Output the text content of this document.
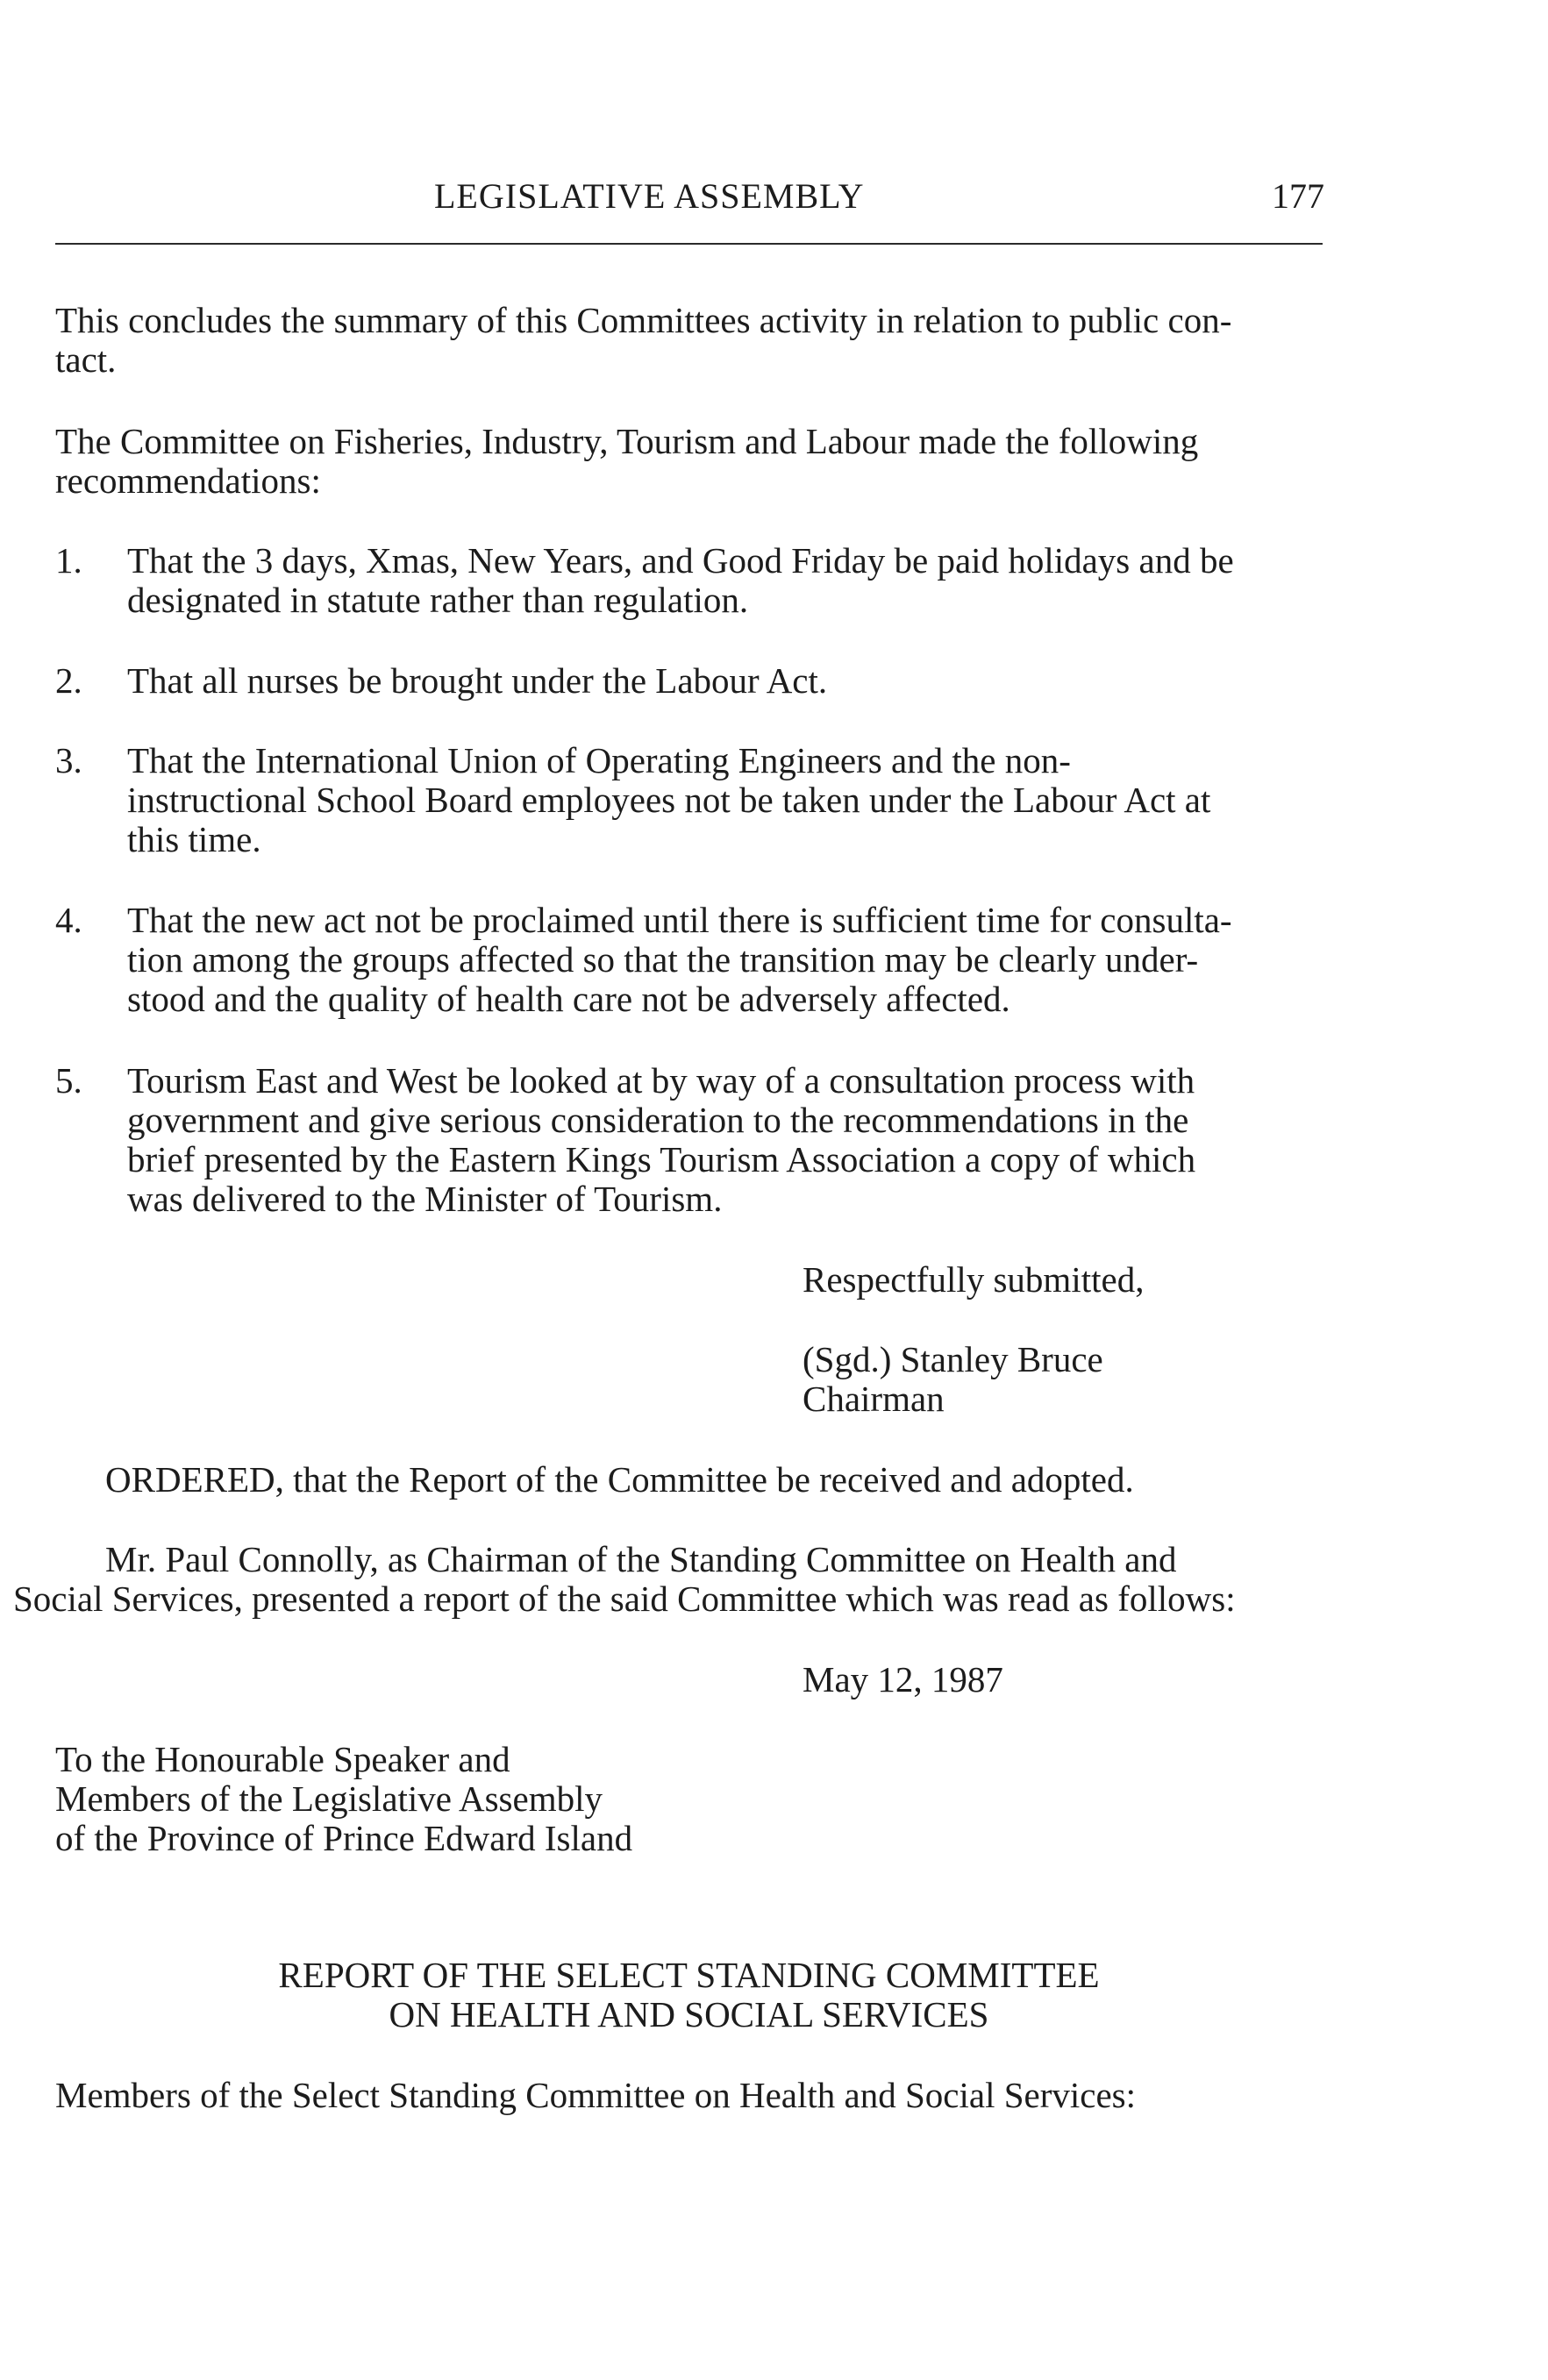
LEGISLATIVE ASSEMBLY	177
This concludes the summary of this Committees activity in relation to public con-
tact.
The Committee on Fisheries, Industry, Tourism and Labour made the following
recommendations:
1. That the 3 days, Xmas, New Years, and Good Friday be paid holidays and be
designated in statute rather than regulation.
2. That all nurses be brought under the Labour Act.
3. That the International Union of Operating Engineers and the non-
instructional School Board employees not be taken under the Labour Act at
this time.
4. That the new act not be proclaimed until there is sufficient time for consulta-
tion among the groups affected so that the transition may be clearly under-
stood and the quality of health care not be adversely affected.
5. Tourism East and West be looked at by way of a consultation process with
government and give serious consideration to the recommendations in the
brief presented by the Eastern Kings Tourism Association a copy of which
was delivered to the Minister of Tourism.
Respectfully submitted,
(Sgd.) Stanley Bruce
Chairman
ORDERED, that the Report of the Committee be received and adopted.
Mr. Paul Connolly, as Chairman of the Standing Committee on Health and
Social Services, presented a report of the said Committee which was read as follows:
May 12, 1987
To the Honourable Speaker and
Members of the Legislative Assembly
of the Province of Prince Edward Island
REPORT OF THE SELECT STANDING COMMITTEE
ON HEALTH AND SOCIAL SERVICES
Members of the Select Standing Committee on Health and Social Services:
